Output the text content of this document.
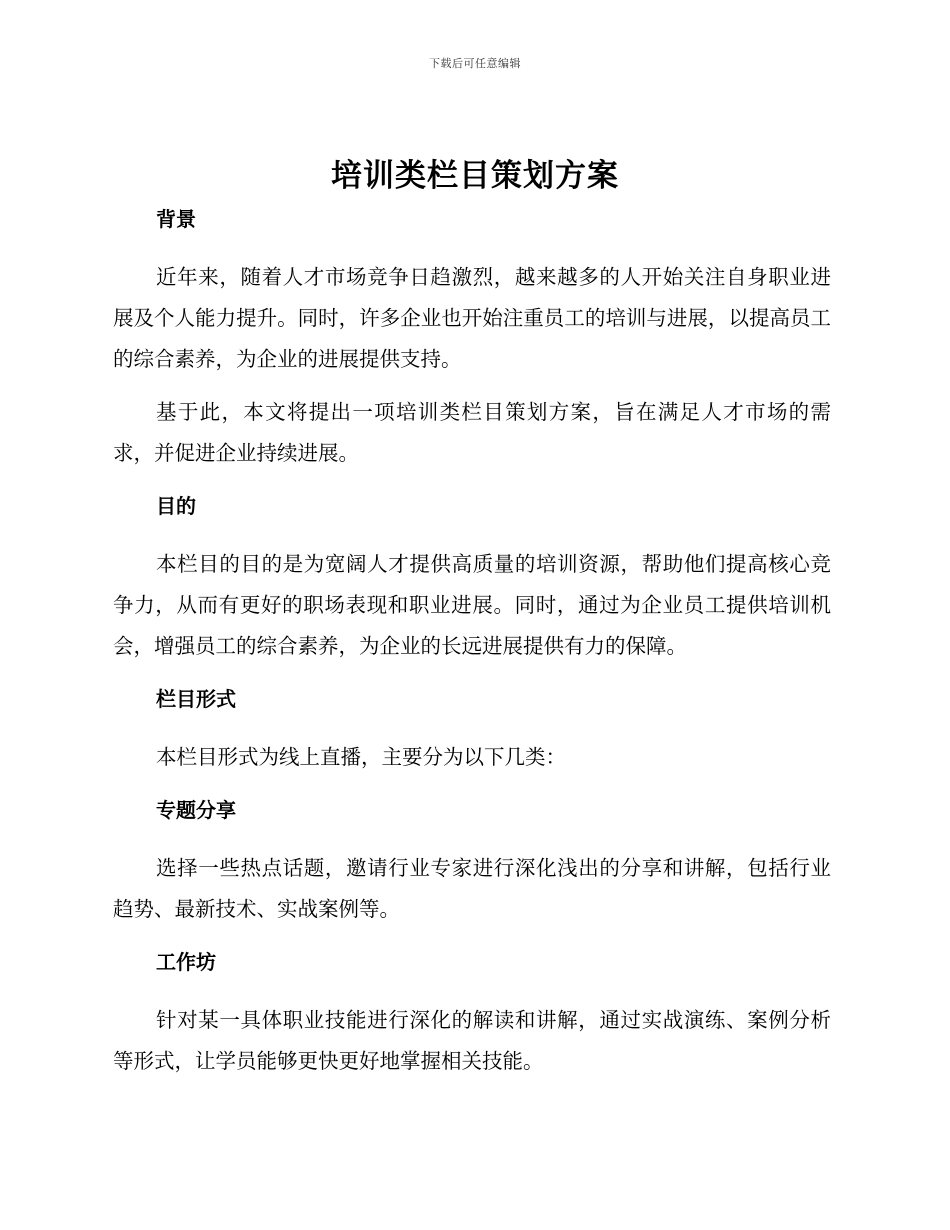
下载后可任意编辑
培训类栏目策划方案
背景

近年来，随着人才市场竞争日趋激烈，越来越多的人开始关注自身职业进展及个人能力提升。同时，许多企业也开始注重员工的培训与进展，以提高员工的综合素养，为企业的进展提供支持。

基于此，本文将提出一项培训类栏目策划方案，旨在满足人才市场的需求，并促进企业持续进展。

目的

本栏目的目的是为宽阔人才提供高质量的培训资源，帮助他们提高核心竞争力，从而有更好的职场表现和职业进展。同时，通过为企业员工提供培训机会，增强员工的综合素养，为企业的长远进展提供有力的保障。

栏目形式

本栏目形式为线上直播，主要分为以下几类：

专题分享

选择一些热点话题，邀请行业专家进行深化浅出的分享和讲解，包括行业趋势、最新技术、实战案例等。

工作坊

针对某一具体职业技能进行深化的解读和讲解，通过实战演练、案例分析等形式，让学员能够更快更好地掌握相关技能。
